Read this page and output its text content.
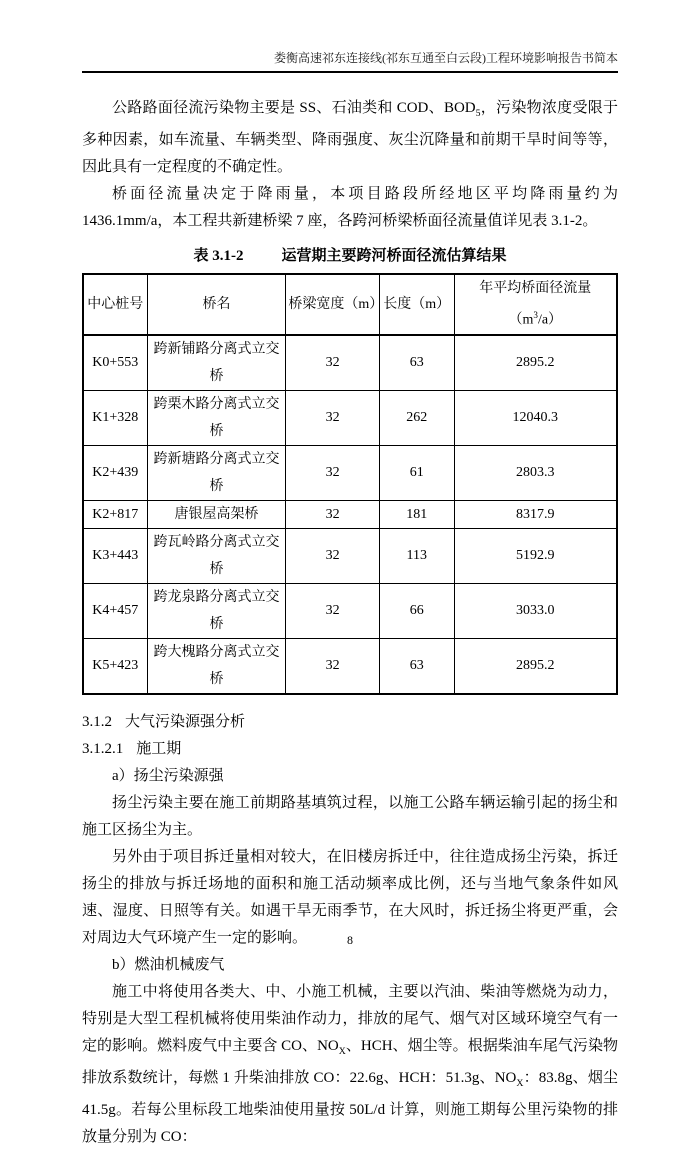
娄衡高速祁东连接线(祁东互通至白云段)工程环境影响报告书简本

公路路面径流污染物主要是 SS、石油类和 COD、$BOD_5$，污染物浓度受限于多种因素，如车流量、车辆类型、降雨强度、灰尘沉降量和前期干旱时间等等，因此具有一定程度的不确定性。

桥面径流量决定于降雨量，本项目路段所经地区平均降雨量约为 1436.1mm/a，本工程共新建桥梁 7 座，各跨河桥梁桥面径流量值详见表 3.1-2。

表 3.1-2	运营期主要跨河桥面径流估算结果
中心桩号	桥名	桥梁宽度（m）	长度（m）	年平均桥面径流量$(m^3/a)$
K0+553	跨新铺路分离式立交桥	32	63	2895.2
K1+328	跨栗木路分离式立交桥	32	262	12040.3
K2+439	跨新塘路分离式立交桥	32	61	2803.3
K2+817	唐银屋高架桥	32	181	8317.9
K3+443	跨瓦岭路分离式立交桥	32	113	5192.9
K4+457	跨龙泉路分离式立交桥	32	66	3033.0
K5+423	跨大槐路分离式立交桥	32	63	2895.2

3.1.2 大气污染源强分析

3.1.2.1 施工期

a）扬尘污染源强

扬尘污染主要在施工前期路基填筑过程，以施工公路车辆运输引起的扬尘和施工区扬尘为主。

另外由于项目拆迁量相对较大，在旧楼房拆迁中，往往造成扬尘污染，拆迁扬尘的排放与拆迁场地的面积和施工活动频率成比例，还与当地气象条件如风速、湿度、日照等有关。如遇干旱无雨季节，在大风时，拆迁扬尘将更严重，会对周边大气环境产生一定的影响。

b）燃油机械废气

施工中将使用各类大、中、小施工机械，主要以汽油、柴油等燃烧为动力，特别是大型工程机械将使用柴油作动力，排放的尾气、烟气对区域环境空气有一定的影响。燃料废气中主要含 CO、$NO_X$、HCH、烟尘等。根据柴油车尾气污染物排放系数统计，每燃 1 升柴油排放 CO：22.6g、HCH：51.3g、$NO_X$：83.8g、烟尘 41.5g。若每公里标段工地柴油使用量按 50L/d 计算，则施工期每公里污染物的排放量分别为 CO：

8
